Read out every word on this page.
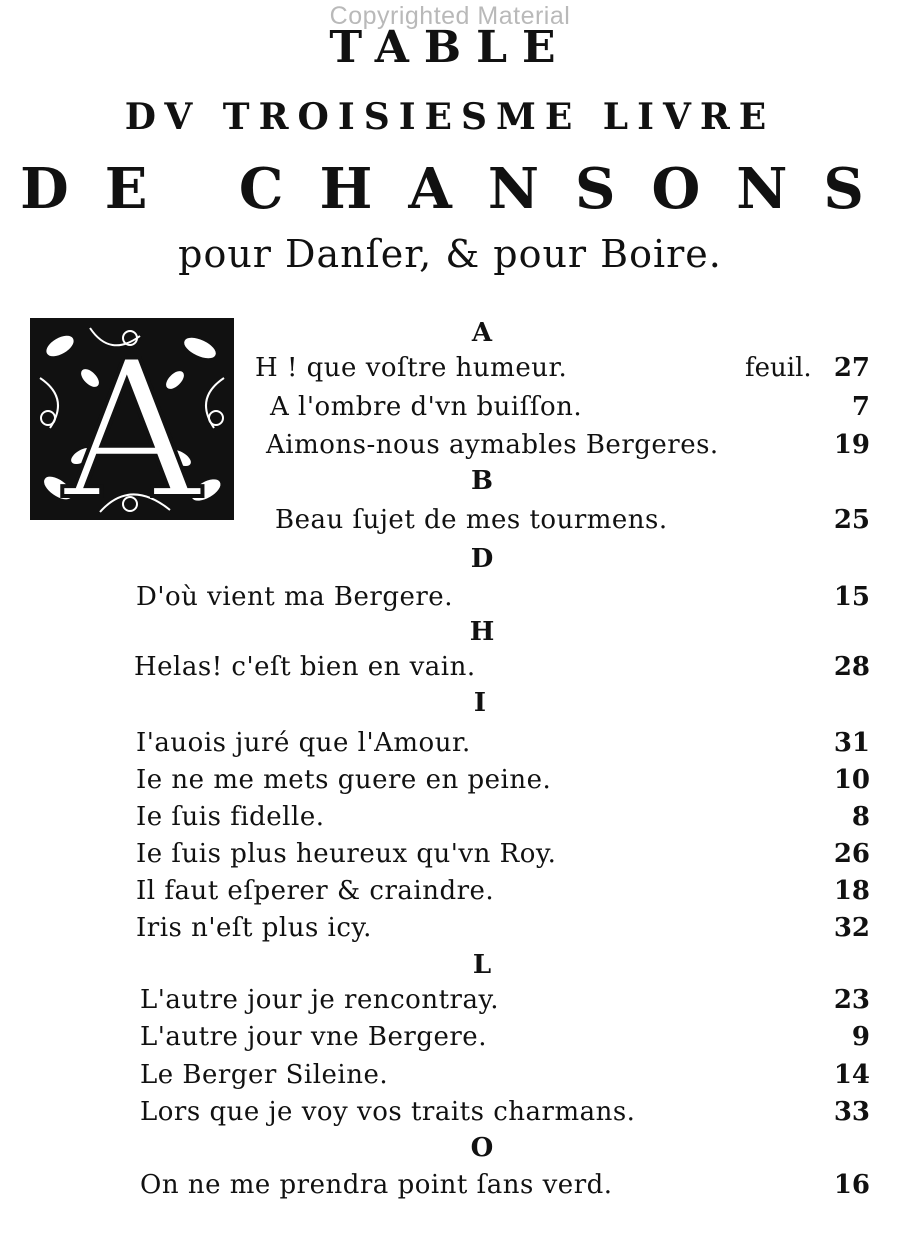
Copyrighted Material
TABLE
DV TROISIESME LIVRE
DE CHANSONS
pour Danſer, & pour Boire.
A	A
H ! que voſtre humeur.	feuil. 27
A l'ombre d'vn buiſſon.	7
Aimons-nous aymables Bergeres.	19
B
Beau ſujet de mes tourmens.	25
D
D'où vient ma Bergere.	15
H
Helas! c'eſt bien en vain.	28
I
I'auois juré que l'Amour.	31
Ie ne me mets guere en peine.	10
Ie ſuis fidelle.	8
Ie ſuis plus heureux qu'vn Roy.	26
Il faut eſperer & craindre.	18
Iris n'eſt plus icy.	32
L
L'autre jour je rencontray.	23
L'autre jour vne Bergere.	9
Le Berger Sileine.	14
Lors que je voy vos traits charmans.	33
O
On ne me prendra point ſans verd.	16
